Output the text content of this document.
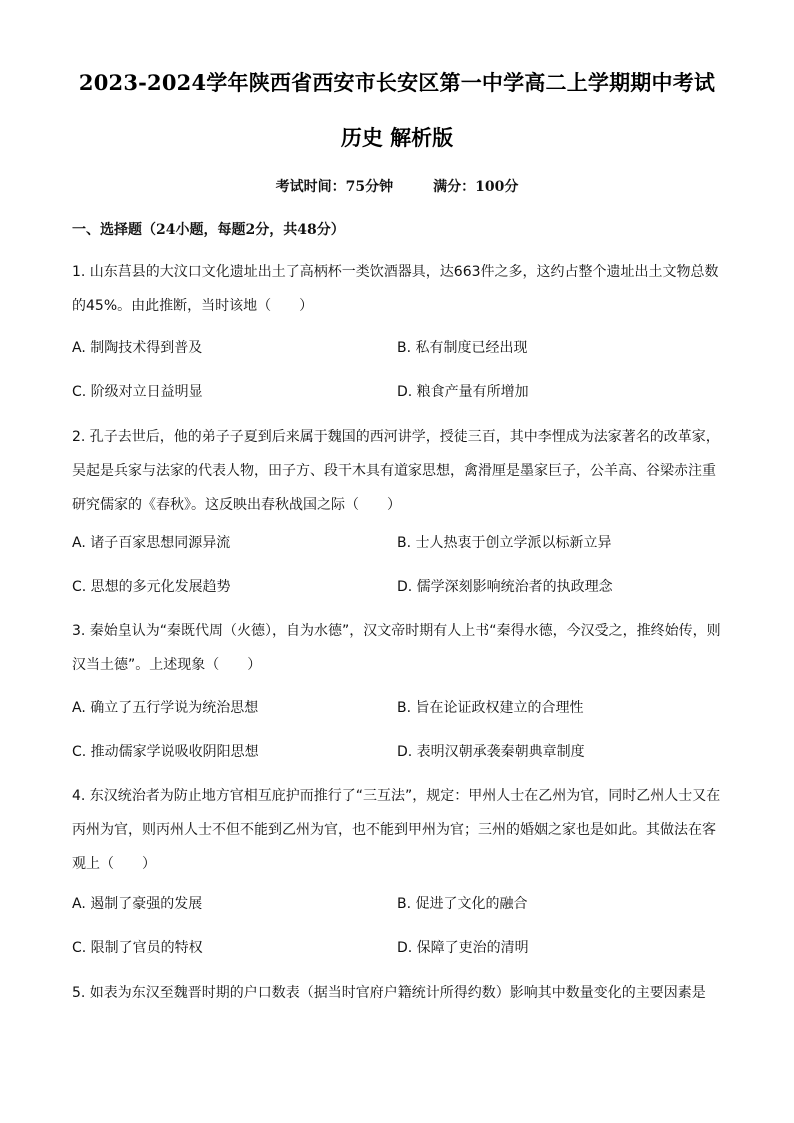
2023-2024学年陕西省西安市长安区第一中学高二上学期期中考试
历史 解析版
考试时间：75分钟	满分：100分
一、选择题（24小题，每题2分，共48分）
1. 山东莒县的大汶口文化遗址出土了高柄杯一类饮酒器具，达663件之多，这约占整个遗址出土文物总数的45%。由此推断，当时该地（　　）
A. 制陶技术得到普及	B. 私有制度已经出现
C. 阶级对立日益明显	D. 粮食产量有所增加
2. 孔子去世后，他的弟子子夏到后来属于魏国的西河讲学，授徒三百，其中李悝成为法家著名的改革家，吴起是兵家与法家的代表人物，田子方、段干木具有道家思想，禽滑厘是墨家巨子，公羊高、谷梁赤注重研究儒家的《春秋》。这反映出春秋战国之际（　　）
A. 诸子百家思想同源异流	B. 士人热衷于创立学派以标新立异
C. 思想的多元化发展趋势	D. 儒学深刻影响统治者的执政理念
3. 秦始皇认为“秦既代周（火德），自为水德”，汉文帝时期有人上书“秦得水德，今汉受之，推终始传，则汉当土德”。上述现象（　　）
A. 确立了五行学说为统治思想	B. 旨在论证政权建立的合理性
C. 推动儒家学说吸收阴阳思想	D. 表明汉朝承袭秦朝典章制度
4. 东汉统治者为防止地方官相互庇护而推行了“三互法”，规定：甲州人士在乙州为官，同时乙州人士又在丙州为官，则丙州人士不但不能到乙州为官，也不能到甲州为官；三州的婚姻之家也是如此。其做法在客观上（　　）
A. 遏制了豪强的发展	B. 促进了文化的融合
C. 限制了官员的特权	D. 保障了吏治的清明
5. 如表为东汉至魏晋时期的户口数表（据当时官府户籍统计所得约数）影响其中数量变化的主要因素是
